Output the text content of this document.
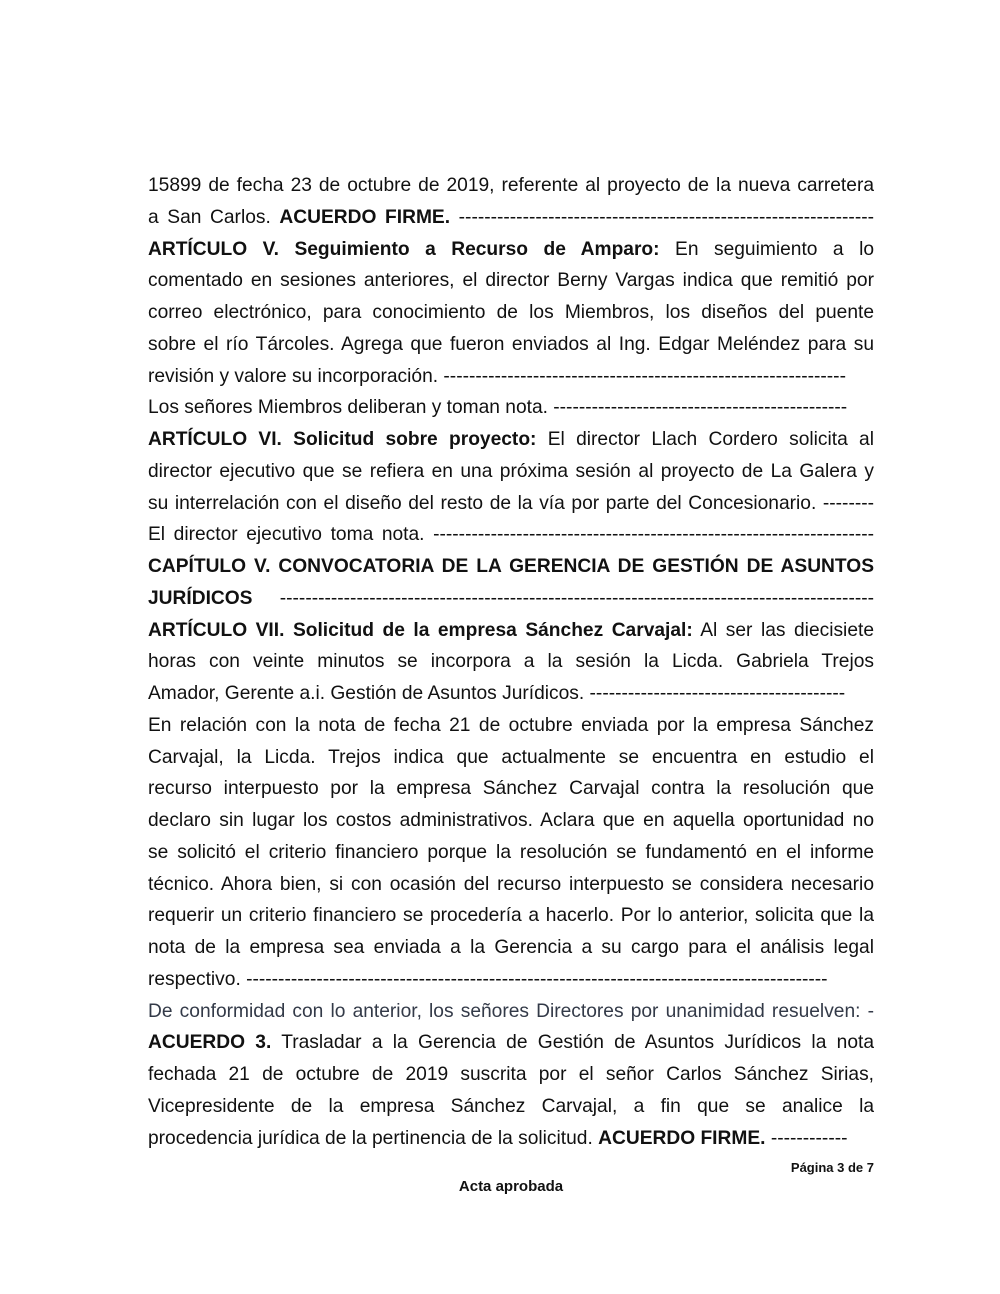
15899 de fecha 23 de octubre de 2019, referente al proyecto de la nueva carretera
a San Carlos. ACUERDO FIRME. -----------------------------------------------------------------
ARTÍCULO V. Seguimiento a Recurso de Amparo: En seguimiento a lo
comentado en sesiones anteriores, el director Berny Vargas indica que remitió por
correo electrónico, para conocimiento de los Miembros, los diseños del puente
sobre el río Tárcoles. Agrega que fueron enviados al Ing. Edgar Meléndez para su
revisión y valore su incorporación. ---------------------------------------------------------------
Los señores Miembros deliberan y toman nota. ----------------------------------------------
ARTÍCULO VI. Solicitud sobre proyecto: El director Llach Cordero solicita al
director ejecutivo que se refiera en una próxima sesión al proyecto de La Galera y
su interrelación con el diseño del resto de la vía por parte del Concesionario. --------
El director ejecutivo toma nota. ---------------------------------------------------------------------
CAPÍTULO V. CONVOCATORIA DE LA GERENCIA DE GESTIÓN DE ASUNTOS
JURÍDICOS ---------------------------------------------------------------------------------------------
ARTÍCULO VII. Solicitud de la empresa Sánchez Carvajal: Al ser las diecisiete
horas con veinte minutos se incorpora a la sesión la Licda. Gabriela Trejos
Amador, Gerente a.i. Gestión de Asuntos Jurídicos. ----------------------------------------
En relación con la nota de fecha 21 de octubre enviada por la empresa Sánchez
Carvajal, la Licda. Trejos indica que actualmente se encuentra en estudio el
recurso interpuesto por la empresa Sánchez Carvajal contra la resolución que
declaro sin lugar los costos administrativos. Aclara que en aquella oportunidad no
se solicitó el criterio financiero porque la resolución se fundamentó en el informe
técnico. Ahora bien, si con ocasión del recurso interpuesto se considera necesario
requerir un criterio financiero se procedería a hacerlo. Por lo anterior, solicita que la
nota de la empresa sea enviada a la Gerencia a su cargo para el análisis legal
respectivo. -------------------------------------------------------------------------------------------
De conformidad con lo anterior, los señores Directores por unanimidad resuelven: -
ACUERDO 3. Trasladar a la Gerencia de Gestión de Asuntos Jurídicos la nota
fechada 21 de octubre de 2019 suscrita por el señor Carlos Sánchez Sirias,
Vicepresidente de la empresa Sánchez Carvajal, a fin que se analice la
procedencia jurídica de la pertinencia de la solicitud. ACUERDO FIRME. ------------
Página 3 de 7
Acta aprobada
